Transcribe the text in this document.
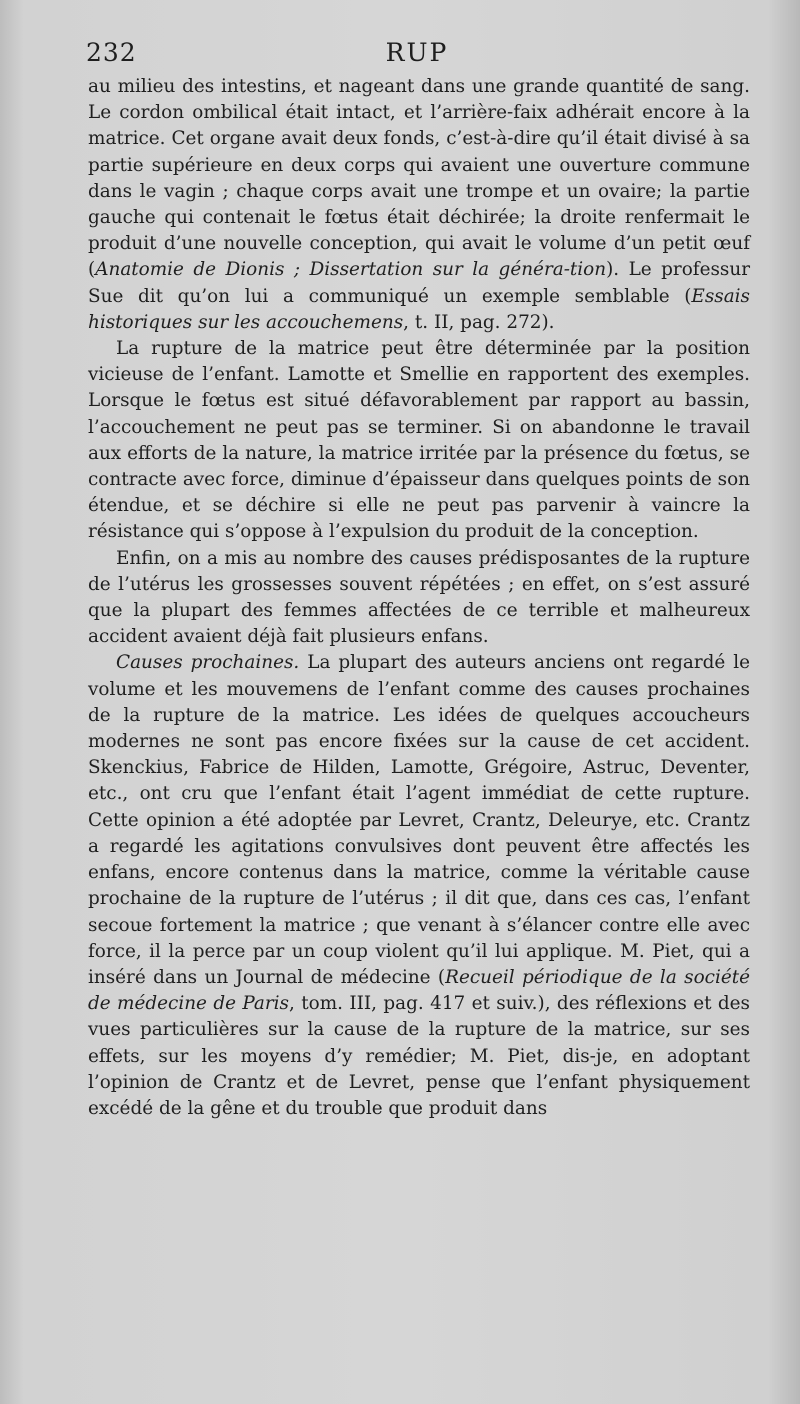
232	RUP

au milieu des intestins, et nageant dans une grande quantité de sang. Le cordon ombilical était intact, et l’arrière-faix adhérait encore à la matrice. Cet organe avait deux fonds, c’est-à-dire qu’il était divisé à sa partie supérieure en deux corps qui avaient une ouverture commune dans le vagin ; chaque corps avait une trompe et un ovaire; la partie gauche qui contenait le fœtus était déchirée; la droite renfermait le produit d’une nouvelle conception, qui avait le volume d’un petit œuf (Anatomie de Dionis ; Dissertation sur la généra-tion). Le professur Sue dit qu’on lui a communiqué un exemple semblable (Essais historiques sur les accouchemens, t. II, pag. 272).

La rupture de la matrice peut être déterminée par la position vicieuse de l’enfant. Lamotte et Smellie en rapportent des exemples. Lorsque le fœtus est situé défavorablement par rapport au bassin, l’accouchement ne peut pas se terminer. Si on abandonne le travail aux efforts de la nature, la matrice irritée par la présence du fœtus, se contracte avec force, diminue d’épaisseur dans quelques points de son étendue, et se déchire si elle ne peut pas parvenir à vaincre la résistance qui s’oppose à l’expulsion du produit de la conception.

Enfin, on a mis au nombre des causes prédisposantes de la rupture de l’utérus les grossesses souvent répétées ; en effet, on s’est assuré que la plupart des femmes affectées de ce terrible et malheureux accident avaient déjà fait plusieurs enfans.

Causes prochaines. La plupart des auteurs anciens ont regardé le volume et les mouvemens de l’enfant comme des causes prochaines de la rupture de la matrice. Les idées de quelques accoucheurs modernes ne sont pas encore fixées sur la cause de cet accident. Skenckius, Fabrice de Hilden, Lamotte, Grégoire, Astruc, Deventer, etc., ont cru que l’enfant était l’agent immédiat de cette rupture. Cette opinion a été adoptée par Levret, Crantz, Deleurye, etc. Crantz a regardé les agitations convulsives dont peuvent être affectés les enfans, encore contenus dans la matrice, comme la véritable cause prochaine de la rupture de l’utérus ; il dit que, dans ces cas, l’enfant secoue fortement la matrice ; que venant à s’élancer contre elle avec force, il la perce par un coup violent qu’il lui applique. M. Piet, qui a inséré dans un Journal de médecine (Recueil périodique de la société de médecine de Paris, tom. III, pag. 417 et suiv.), des réflexions et des vues particulières sur la cause de la rupture de la matrice, sur ses effets, sur les moyens d’y remédier; M. Piet, dis-je, en adoptant l’opinion de Crantz et de Levret, pense que l’enfant physiquement excédé de la gêne et du trouble que produit dans
